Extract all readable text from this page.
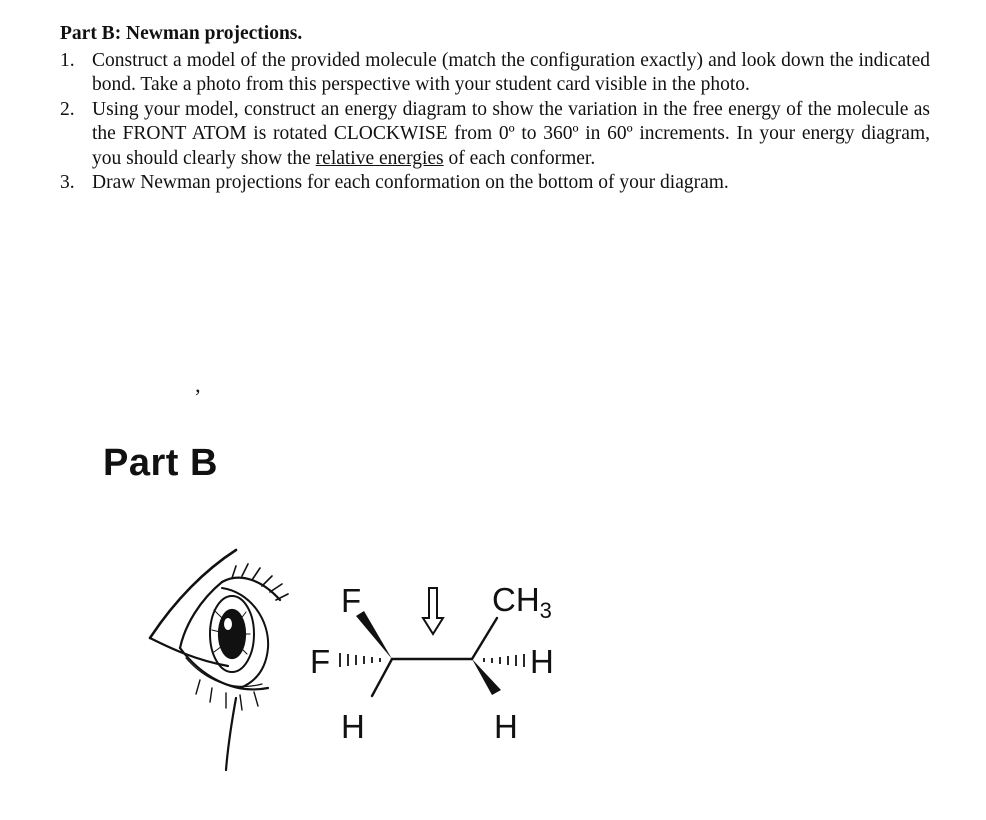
Part B: Newman projections.
1. Construct a model of the provided molecule (match the configuration exactly) and look down the indicated bond. Take a photo from this perspective with your student card visible in the photo.
2. Using your model, construct an energy diagram to show the variation in the free energy of the molecule as the FRONT ATOM is rotated CLOCKWISE from 0º to 360º in 60º increments. In your energy diagram, you should clearly show the relative energies of each conformer.
3. Draw Newman projections for each conformation on the bottom of your diagram.
’
Part B
F
F
H
$CH_3$
H
H
